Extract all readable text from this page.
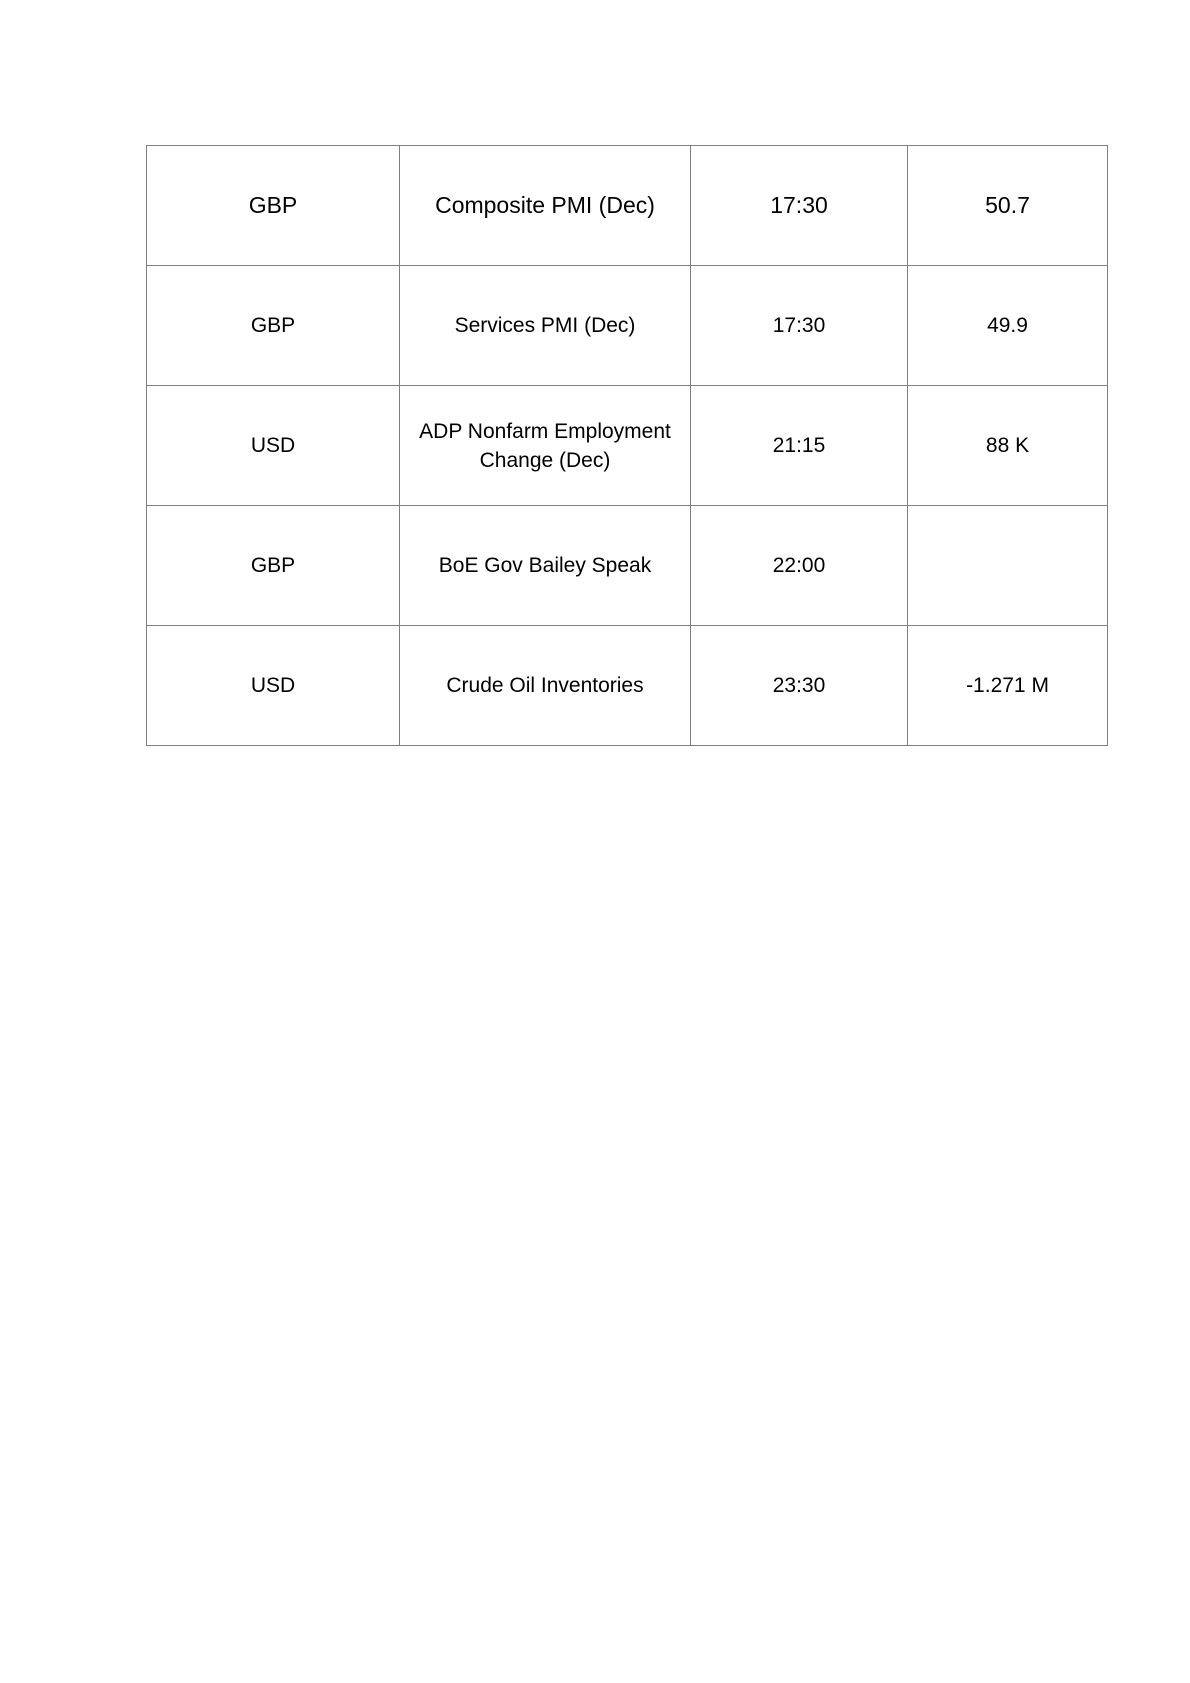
GBP	Composite PMI (Dec)	17:30	50.7
GBP	Services PMI (Dec)	17:30	49.9
USD	ADP Nonfarm Employment Change (Dec)	21:15	88 K
GBP	BoE Gov Bailey Speak	22:00	
USD	Crude Oil Inventories	23:30	-1.271 M
